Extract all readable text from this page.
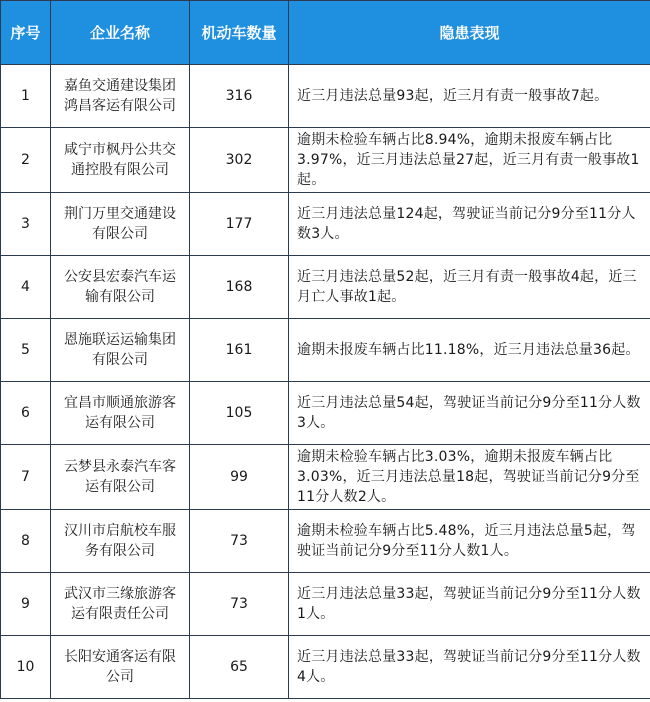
序号	企业名称	机动车数量	隐患表现
1	嘉鱼交通建设集团鸿昌客运有限公司	316	近三月违法总量93起，近三月有责一般事故7起。
2	咸宁市枫丹公共交通控股有限公司	302	逾期未检验车辆占比8.94%，逾期未报废车辆占比3.97%，近三月违法总量27起，近三月有责一般事故1起。
3	荆门万里交通建设有限公司	177	近三月违法总量124起，驾驶证当前记分9分至11分人数3人。
4	公安县宏泰汽车运输有限公司	168	近三月违法总量52起，近三月有责一般事故4起，近三月亡人事故1起。
5	恩施联运运输集团有限公司	161	逾期未报废车辆占比11.18%，近三月违法总量36起。
6	宜昌市顺通旅游客运有限公司	105	近三月违法总量54起，驾驶证当前记分9分至11分人数3人。
7	云梦县永泰汽车客运有限公司	99	逾期未检验车辆占比3.03%，逾期未报废车辆占比3.03%，近三月违法总量18起，驾驶证当前记分9分至11分人数2人。
8	汉川市启航校车服务有限公司	73	逾期未检验车辆占比5.48%，近三月违法总量5起，驾驶证当前记分9分至11分人数1人。
9	武汉市三缘旅游客运有限责任公司	73	近三月违法总量33起，驾驶证当前记分9分至11分人数1人。
10	长阳安通客运有限公司	65	近三月违法总量33起，驾驶证当前记分9分至11分人数4人。
